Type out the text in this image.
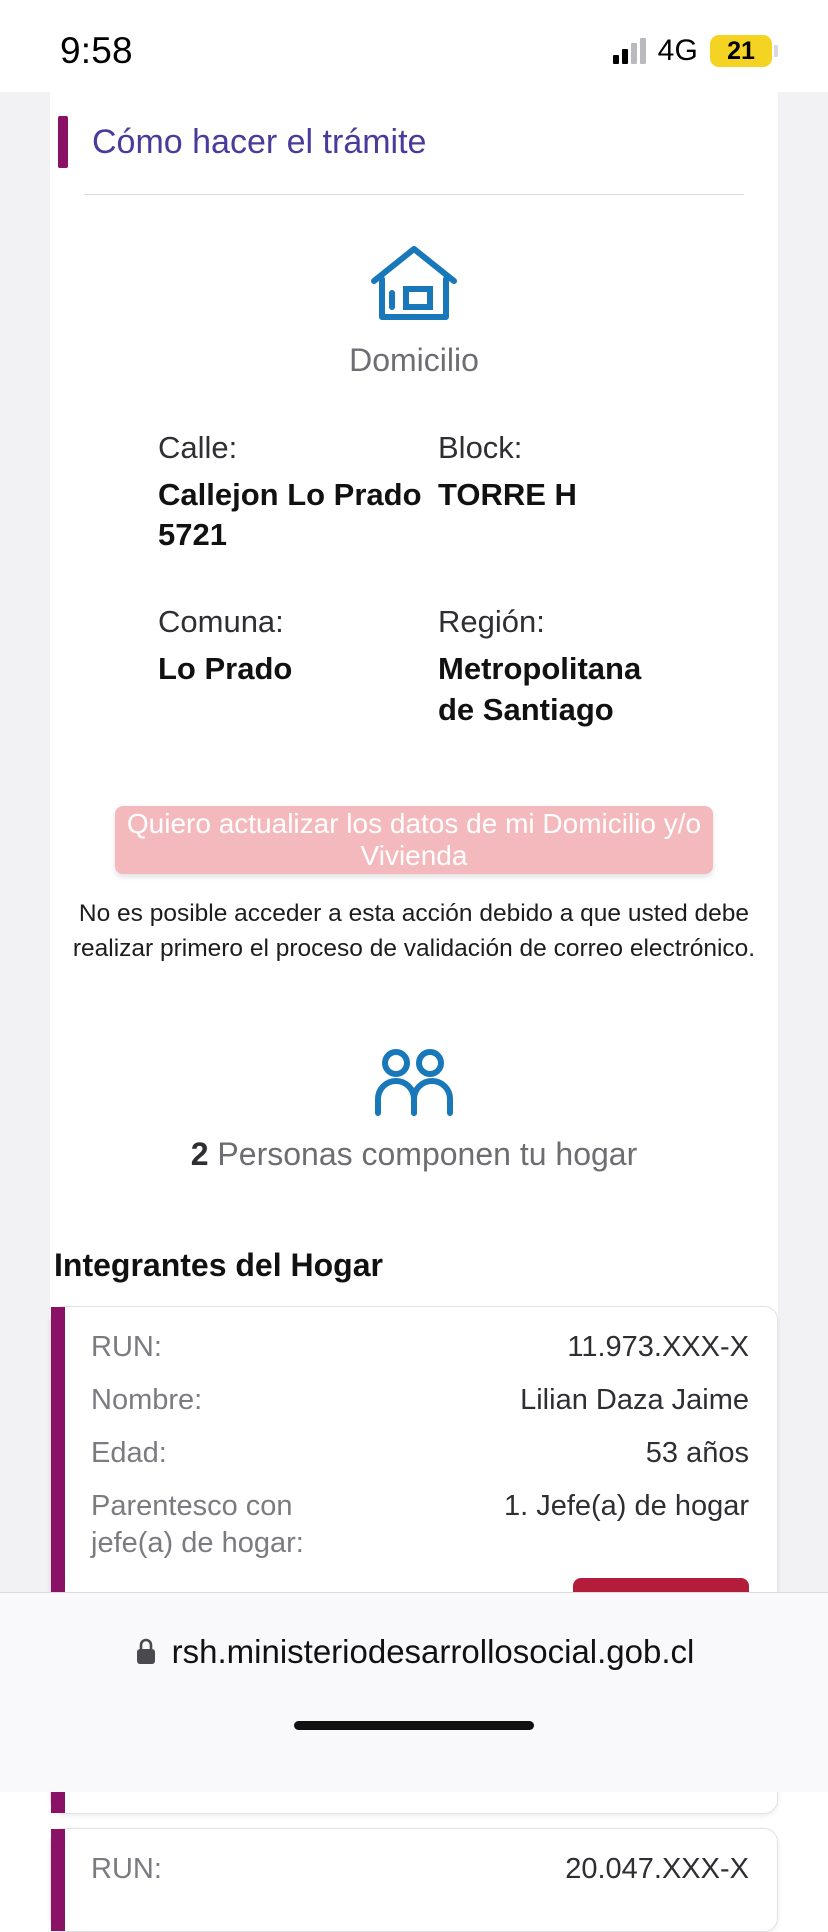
9:58	4G 21
Cómo hacer el trámite
Domicilio
Calle:
Callejon Lo Prado 5721
Block:
TORRE H
Comuna:
Lo Prado
Región:
Metropolitana de Santiago
Quiero actualizar los datos de mi Domicilio y/o Vivienda
No es posible acceder a esta acción debido a que usted debe realizar primero el proceso de validación de correo electrónico.
2 Personas componen tu hogar
Integrantes del Hogar
RUN:	11.973.XXX-X
Nombre:	Lilian Daza Jaime
Edad:	53 años
Parentesco con jefe(a) de hogar:
1. Jefe(a) de hogar
RUN:	20.047.XXX-X
rsh.ministeriodesarrollosocial.gob.cl
